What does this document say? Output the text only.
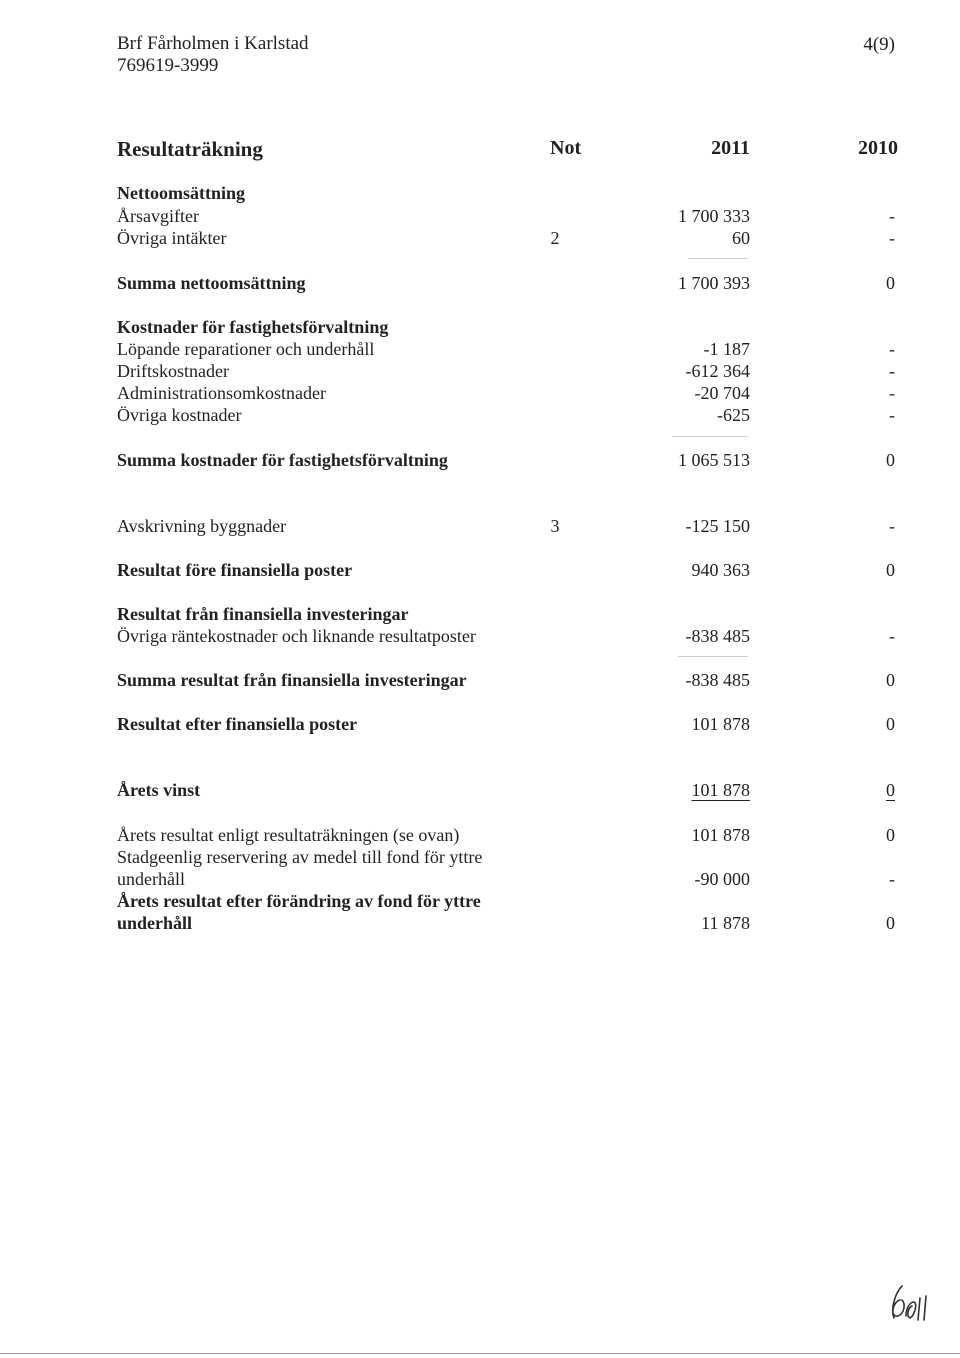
Brf Fårholmen i Karlstad
769619-3999
4(9)
Resultaträkning	Not	2011	2010
Nettoomsättning
Årsavgifter	1 700 333	-
Övriga intäkter	2	60	-
Summa nettoomsättning	1 700 393	0
Kostnader för fastighetsförvaltning
Löpande reparationer och underhåll	-1 187	-
Driftskostnader	-612 364	-
Administrationsomkostnader	-20 704	-
Övriga kostnader	-625	-
Summa kostnader för fastighetsförvaltning	1 065 513	0
Avskrivning byggnader	3	-125 150	-
Resultat före finansiella poster	940 363	0
Resultat från finansiella investeringar
Övriga räntekostnader och liknande resultatposter	-838 485	-
Summa resultat från finansiella investeringar	-838 485	0
Resultat efter finansiella poster	101 878	0
Årets vinst	101 878	0
Årets resultat enligt resultaträkningen (se ovan)	101 878	0
Stadgeenlig reservering av medel till fond för yttre
underhåll	-90 000	-
Årets resultat efter förändring av fond för yttre
underhåll	11 878	0
